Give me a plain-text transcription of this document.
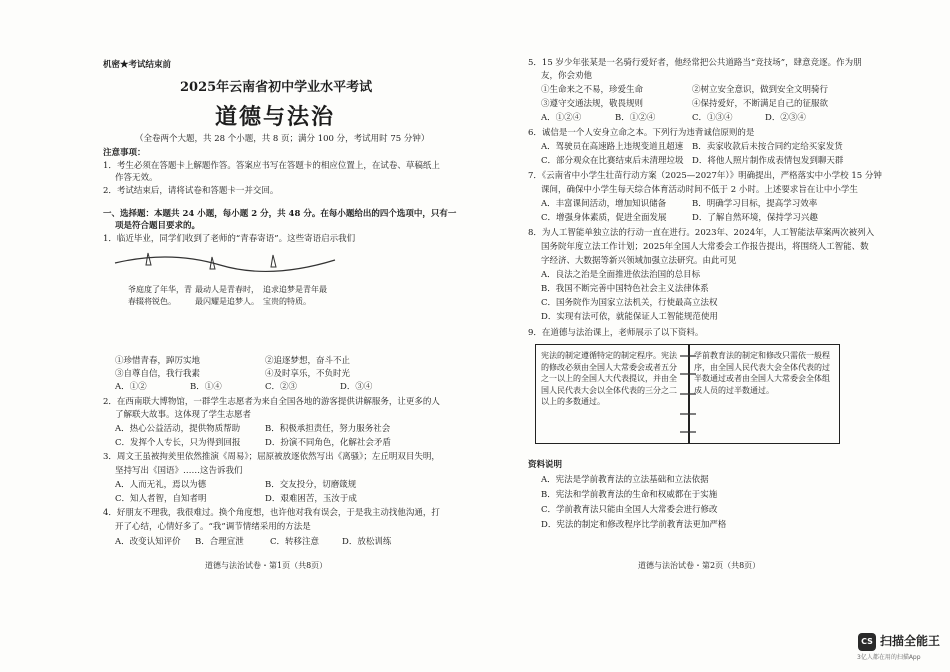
机密★考试结束前
2025年云南省初中学业水平考试
道德与法治
（全卷两个大题，共 28 个小题，共 8 页；满分 100 分，考试用时 75 分钟）
注意事项：
1．考生必须在答题卡上解题作答。答案应书写在答题卡的相应位置上，在试卷、草稿纸上
作答无效。
2．考试结束后，请将试卷和答题卡一并交回。
一、选择题：本题共 24 小题，每小题 2 分，共 48 分。在每小题给出的四个选项中，只有一
项是符合题目要求的。
1．临近毕业，同学们收到了老师的“青春寄语”。这些寄语启示我们
爷庭度了年华，青春辍将锐色。
最动人是青春时，最闪耀是追梦人。
追求追梦是青年最宝贵的特质。
①珍惜青春，踔厉实地	②追逐梦想，奋斗不止
③自尊自信，我行我素	④及时享乐，不负时光
A．①②	B．①④	C．②③	D．③④
2．在西南联大博物馆，一群学生志愿者为来自全国各地的游客提供讲解服务，让更多的人
了解联大故事。这体现了学生志愿者
A．热心公益活动，提供物质帮助	B．积极承担责任，努力服务社会
C．发挥个人专长，只为得到回报	D．扮演不同角色，化解社会矛盾
3．周文王虽被拘羑里依然推演《周易》；屈原被放逐依然写出《离骚》；左丘明双目失明，
坚持写出《国语》……这告诉我们
A．人而无礼，焉以为德	B．交友投分，切磨箴规
C．知人者智，自知者明	D．艰难困苦，玉汝于成
4．好朋友不理我，我很难过。换个角度想，也许他对我有误会，于是我主动找他沟通，打
开了心结，心情好多了。“我”调节情绪采用的方法是
A．改变认知评价 B．合理宣泄	C．转移注意	D．放松训练
道德与法治试卷・第1页（共8页）
5．15 岁少年张某是一名骑行爱好者，他经常把公共道路当“竞技场”，肆意竞逐。作为朋
友，你会劝他
①生命来之不易，珍爱生命	②树立安全意识，做到安全文明骑行
③遵守交通法规，敬畏规则	④保持爱好，不断满足自己的征服欲
A．①②④	B．①②④	C．①③④	D．②③④
6．诚信是一个人安身立命之本。下列行为违背诚信原则的是
A．驾驶员在高速路上违规变道且超速 B．卖家收款后未按合同约定给买家发货
C．部分观众在比赛结束后未清理垃圾 D．将他人照片制作成表情包发到聊天群
7．《云南省中小学生壮苗行动方案（2025—2027年）》明确提出，严格落实中小学校 15 分钟
课间，确保中小学生每天综合体育活动时间不低于 2 小时。上述要求旨在让中小学生
A．丰富课间活动，增加知识储备	B．明确学习目标，提高学习效率
C．增强身体素质，促进全面发展	D．了解自然环境，保持学习兴趣
8．为人工智能单独立法的行动一直在进行。2023年、2024年，人工智能法草案两次被列入
国务院年度立法工作计划；2025年全国人大常委会工作报告提出，将围绕人工智能、数
字经济、大数据等新兴领域加强立法研究。由此可见
A．良法之治是全面推进依法治国的总目标
B．我国不断完善中国特色社会主义法律体系
C．国务院作为国家立法机关，行使最高立法权
D．实现有法可依，就能保证人工智能规范使用
9．在道德与法治课上，老师展示了以下资料。
宪法的制定遵循特定的制定程序。宪法的修改必须由全国人大常委会或者五分之一以上的全国人大代表提议，并由全国人民代表大会以全体代表的三分之二以上的多数通过。
学前教育法的制定和修改只需依一般程序，由全国人民代表大会全体代表的过半数通过或者由全国人大常委会全体组成人员的过半数通过。
资料说明
A．宪法是学前教育法的立法基础和立法依据
B．宪法和学前教育法的生命和权威都在于实施
C．学前教育法只能由全国人大常委会进行修改
D．宪法的制定和修改程序比学前教育法更加严格
道德与法治试卷・第2页（共8页）
CS 扫描全能王
3亿人都在用的扫描App
